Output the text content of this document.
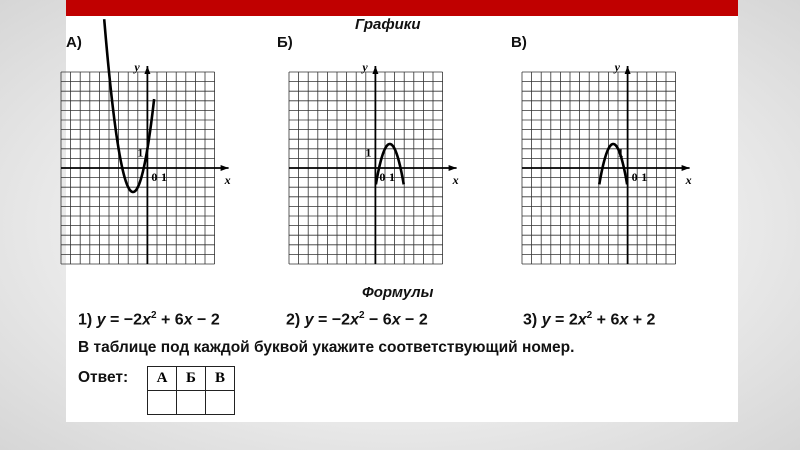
Графики
А)	Б)	В)
x
y
1
0 1	x
y
1
0 1	x
y
1
0 1
Формулы
1) $y = -2x^2 + 6x - 2$	2) $y = -2x^2 - 6x - 2$	3) $y = 2x^2 + 6x + 2$
В таблице под каждой буквой укажите соответствующий номер.
Ответ: А	Б	В
